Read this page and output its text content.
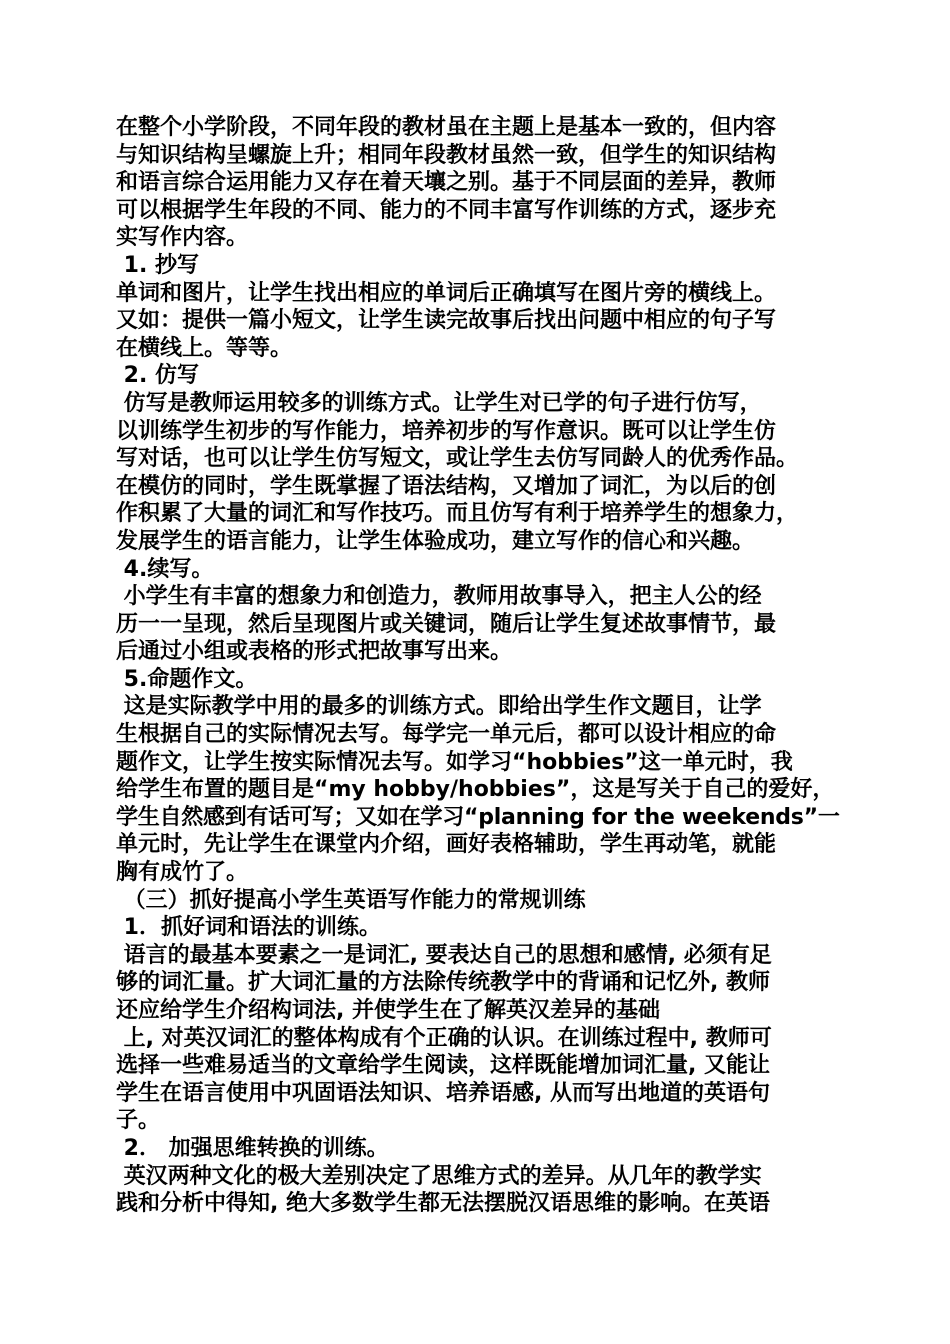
在整个小学阶段，不同年段的教材虽在主题上是基本一致的，但内容

与知识结构呈螺旋上升；相同年段教材虽然一致，但学生的知识结构

和语言综合运用能力又存在着天壤之别。基于不同层面的差异，教师

可以根据学生年段的不同、能力的不同丰富写作训练的方式，逐步充

实写作内容。

1. 抄写

单词和图片，让学生找出相应的单词后正确填写在图片旁的横线上。

又如：提供一篇小短文，让学生读完故事后找出问题中相应的句子写

在横线上。等等。

2. 仿写

仿写是教师运用较多的训练方式。让学生对已学的句子进行仿写，

以训练学生初步的写作能力，培养初步的写作意识。既可以让学生仿

写对话，也可以让学生仿写短文，或让学生去仿写同龄人的优秀作品。

在模仿的同时，学生既掌握了语法结构，又增加了词汇，为以后的创

作积累了大量的词汇和写作技巧。而且仿写有利于培养学生的想象力，

发展学生的语言能力，让学生体验成功，建立写作的信心和兴趣。

4.续写。

小学生有丰富的想象力和创造力，教师用故事导入，把主人公的经

历一一呈现，然后呈现图片或关键词，随后让学生复述故事情节，最

后通过小组或表格的形式把故事写出来。

5.命题作文。

这是实际教学中用的最多的训练方式。即给出学生作文题目，让学

生根据自己的实际情况去写。每学完一单元后，都可以设计相应的命

题作文，让学生按实际情况去写。如学习“hobbies”这一单元时，我

给学生布置的题目是“my hobby/hobbies”，这是写关于自己的爱好，

学生自然感到有话可写；又如在学习“planning for the weekends”一

单元时，先让学生在课堂内介绍，画好表格辅助，学生再动笔，就能

胸有成竹了。

（三）抓好提高小学生英语写作能力的常规训练

1．抓好词和语法的训练。

语言的最基本要素之一是词汇, 要表达自己的思想和感情, 必须有足

够的词汇量。扩大词汇量的方法除传统教学中的背诵和记忆外, 教师

还应给学生介绍构词法, 并使学生在了解英汉差异的基础

上, 对英汉词汇的整体构成有个正确的认识。在训练过程中, 教师可

选择一些难易适当的文章给学生阅读，这样既能增加词汇量, 又能让

学生在语言使用中巩固语法知识、培养语感, 从而写出地道的英语句

子。

2． 加强思维转换的训练。

英汉两种文化的极大差别决定了思维方式的差异。从几年的教学实

践和分析中得知, 绝大多数学生都无法摆脱汉语思维的影响。在英语
